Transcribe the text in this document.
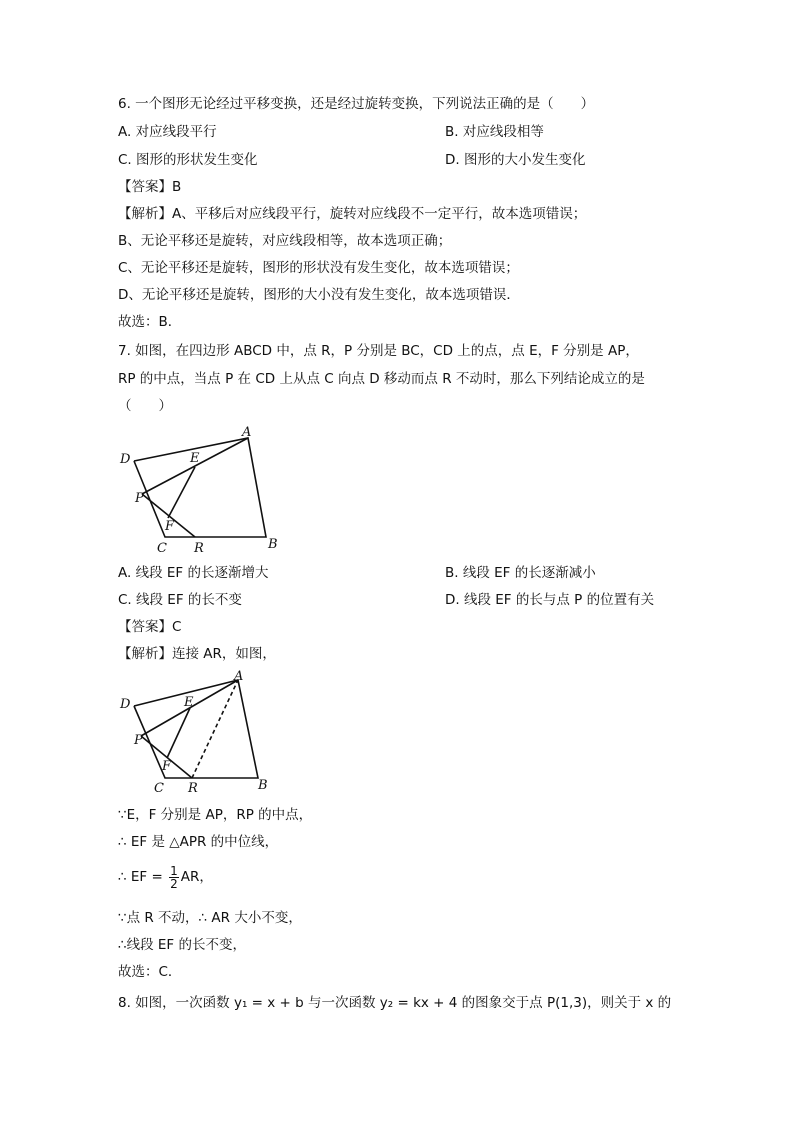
6. 一个图形无论经过平移变换，还是经过旋转变换，下列说法正确的是（　　）
A. 对应线段平行	B. 对应线段相等
C. 图形的形状发生变化	D. 图形的大小发生变化
【答案】B
【解析】A、平移后对应线段平行，旋转对应线段不一定平行，故本选项错误；
B、无论平移还是旋转，对应线段相等，故本选项正确；
C、无论平移还是旋转，图形的形状没有发生变化，故本选项错误；
D、无论平移还是旋转，图形的大小没有发生变化，故本选项错误．
故选：B．
7. 如图，在四边形 ABCD 中，点 R，P 分别是 BC，CD 上的点，点 E，F 分别是 AP，
RP 的中点，当点 P 在 CD 上从点 C 向点 D 移动而点 R 不动时，那么下列结论成立的是
（　　）
A
B
C
D	E
F
P
R
A. 线段 EF 的长逐渐增大	B. 线段 EF 的长逐渐减小
C. 线段 EF 的长不变	D. 线段 EF 的长与点 P 的位置有关
【答案】C
【解析】连接 AR，如图，
A
B
C
D	E
F
P
R
∵E，F 分别是 AP，RP 的中点，
∴ EF 是 △APR 的中位线，
∴ EF = $\frac{1}{2}$ AR，
∵点 R 不动，∴ AR 大小不变，
∴线段 EF 的长不变，
故选：C．
8. 如图，一次函数 y₁ = x + b 与一次函数 y₂ = kx + 4 的图象交于点 P(1,3)，则关于 x 的
